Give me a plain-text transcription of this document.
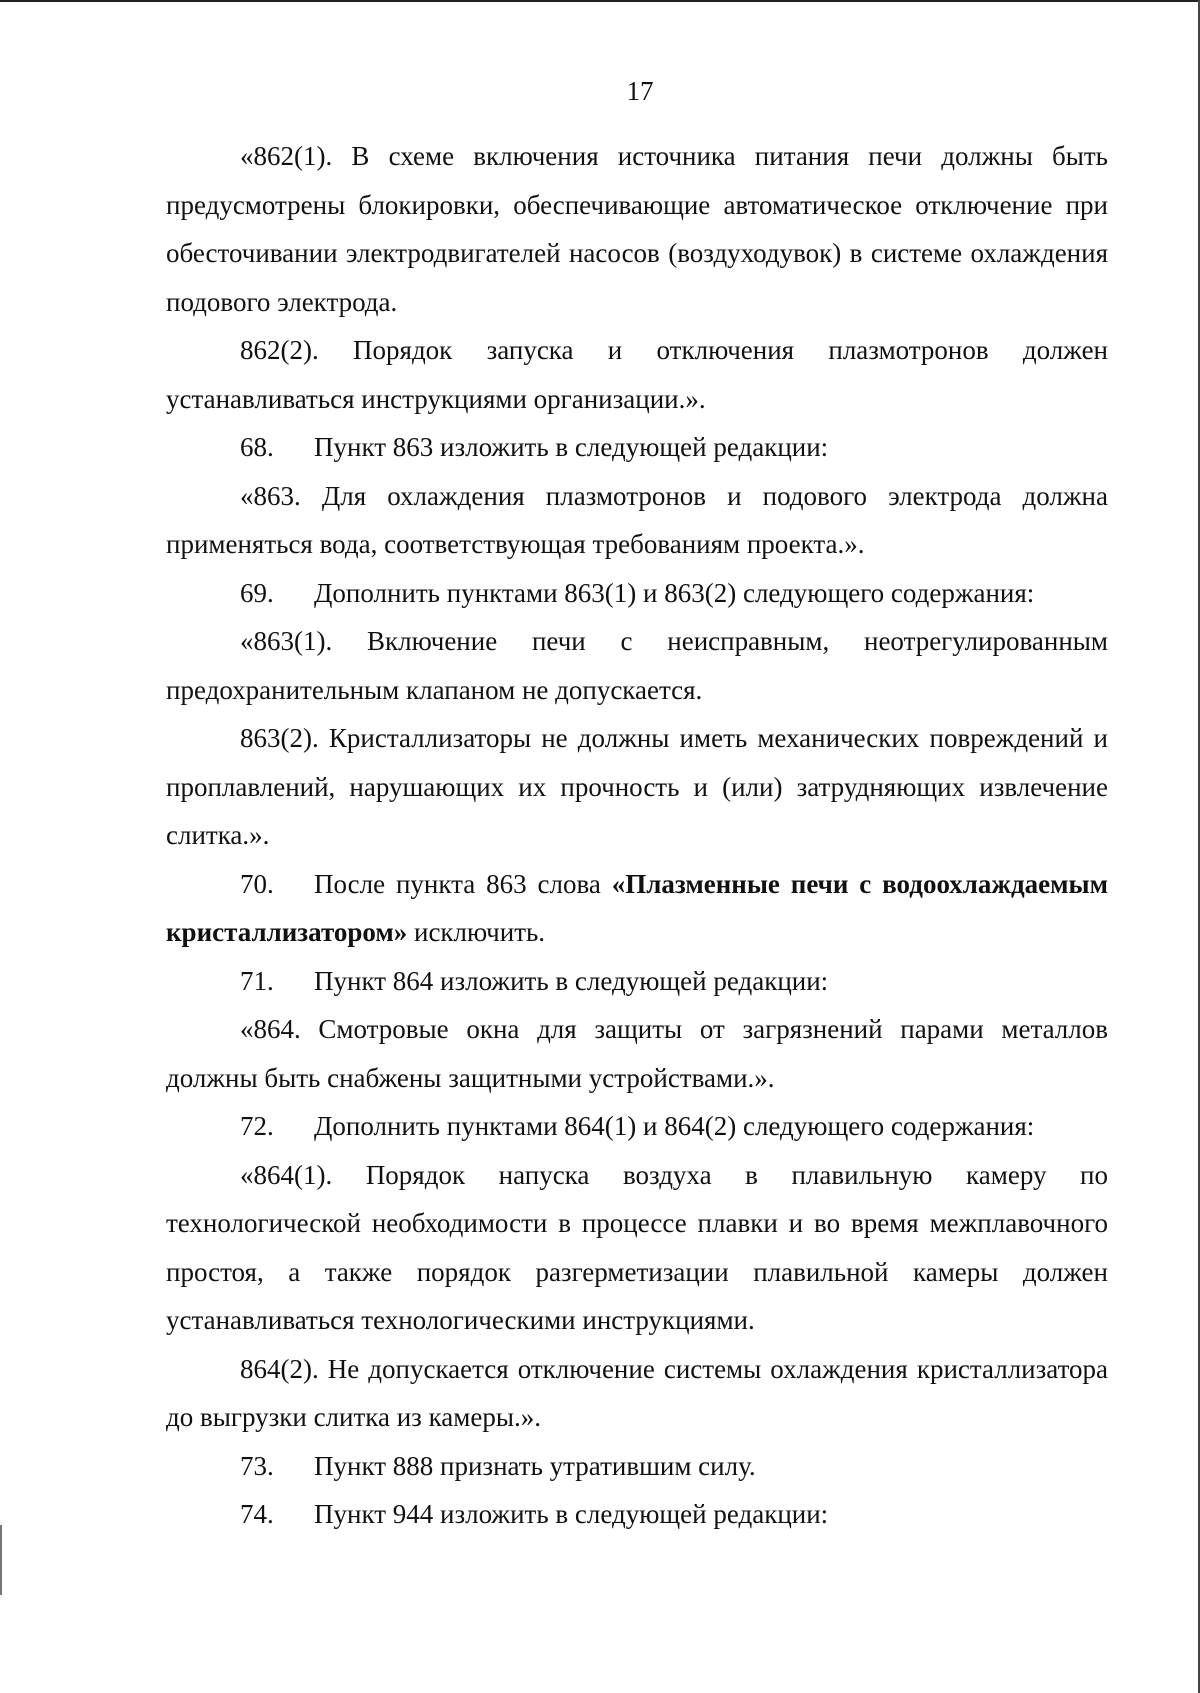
17

«862(1). В схеме включения источника питания печи должны быть предусмотрены блокировки, обеспечивающие автоматическое отключение при обесточивании электродвигателей насосов (воздуходувок) в системе охлаждения подового электрода.

862(2). Порядок запуска и отключения плазмотронов должен устанавливаться инструкциями организации.».

68. Пункт 863 изложить в следующей редакции:

«863. Для охлаждения плазмотронов и подового электрода должна применяться вода, соответствующая требованиям проекта.».

69. Дополнить пунктами 863(1) и 863(2) следующего содержания:

«863(1). Включение печи с неисправным, неотрегулированным предохранительным клапаном не допускается.

863(2). Кристаллизаторы не должны иметь механических повреждений и проплавлений, нарушающих их прочность и (или) затрудняющих извлечение слитка.».

70. После пункта 863 слова «Плазменные печи с водоохлаждаемым кристаллизатором» исключить.

71. Пункт 864 изложить в следующей редакции:

«864. Смотровые окна для защиты от загрязнений парами металлов должны быть снабжены защитными устройствами.».

72. Дополнить пунктами 864(1) и 864(2) следующего содержания:

«864(1). Порядок напуска воздуха в плавильную камеру по технологической необходимости в процессе плавки и во время межплавочного простоя, а также порядок разгерметизации плавильной камеры должен устанавливаться технологическими инструкциями.

864(2). Не допускается отключение системы охлаждения кристаллизатора до выгрузки слитка из камеры.».

73. Пункт 888 признать утратившим силу.

74. Пункт 944 изложить в следующей редакции:
